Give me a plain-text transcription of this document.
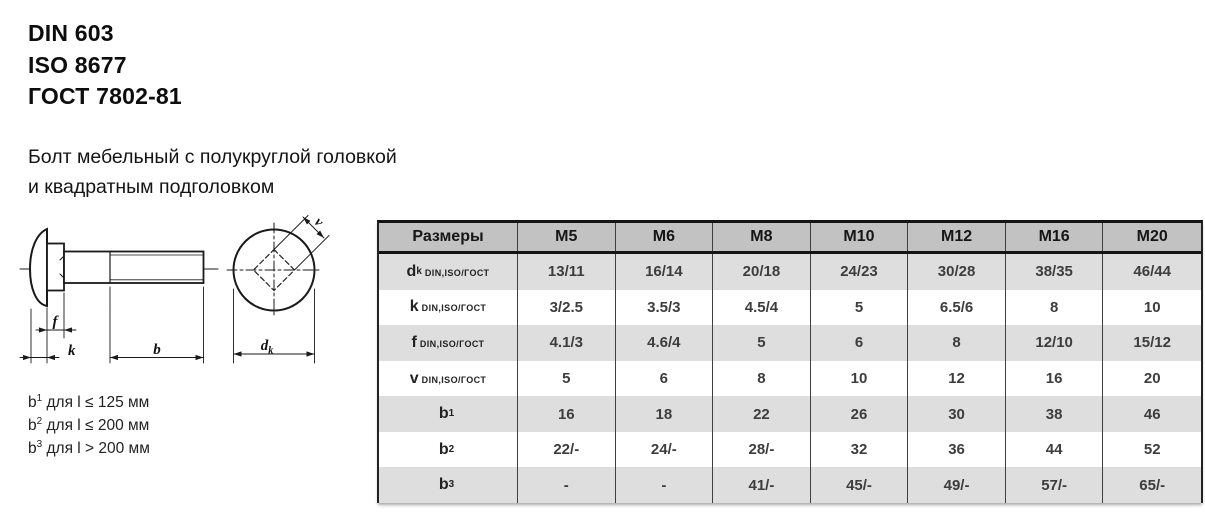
DIN 603
ISO 8677
ГОСТ 7802-81
Болт мебельный с полукруглой головкой
и квадратным подголовком
f
k	b	$d_k$
v
Размеры	M5	M6	M8	M10	M12	M16	M20
d k DIN,ISO/ГОСТ	13/11	16/14	20/18	24/23	30/28	38/35	46/44
k DIN,ISO/ГОСТ	3/2.5	3.5/3	4.5/4	5	6.5/6	8	10
f DIN,ISO/ГОСТ	4.1/3	4.6/4	5	6	8	12/10	15/12
v DIN,ISO/ГОСТ	5	6	8	10	12	16	20
b 1	16	18	22	26	30	38	46
b 2	22/-	24/-	28/-	32	36	44	52
b 3	-	-	41/-	45/-	49/-	57/-	65/-
$b^1$ для l ≤ 125 мм
$b^2$ для l ≤ 200 мм
$b^3$ для l > 200 мм
